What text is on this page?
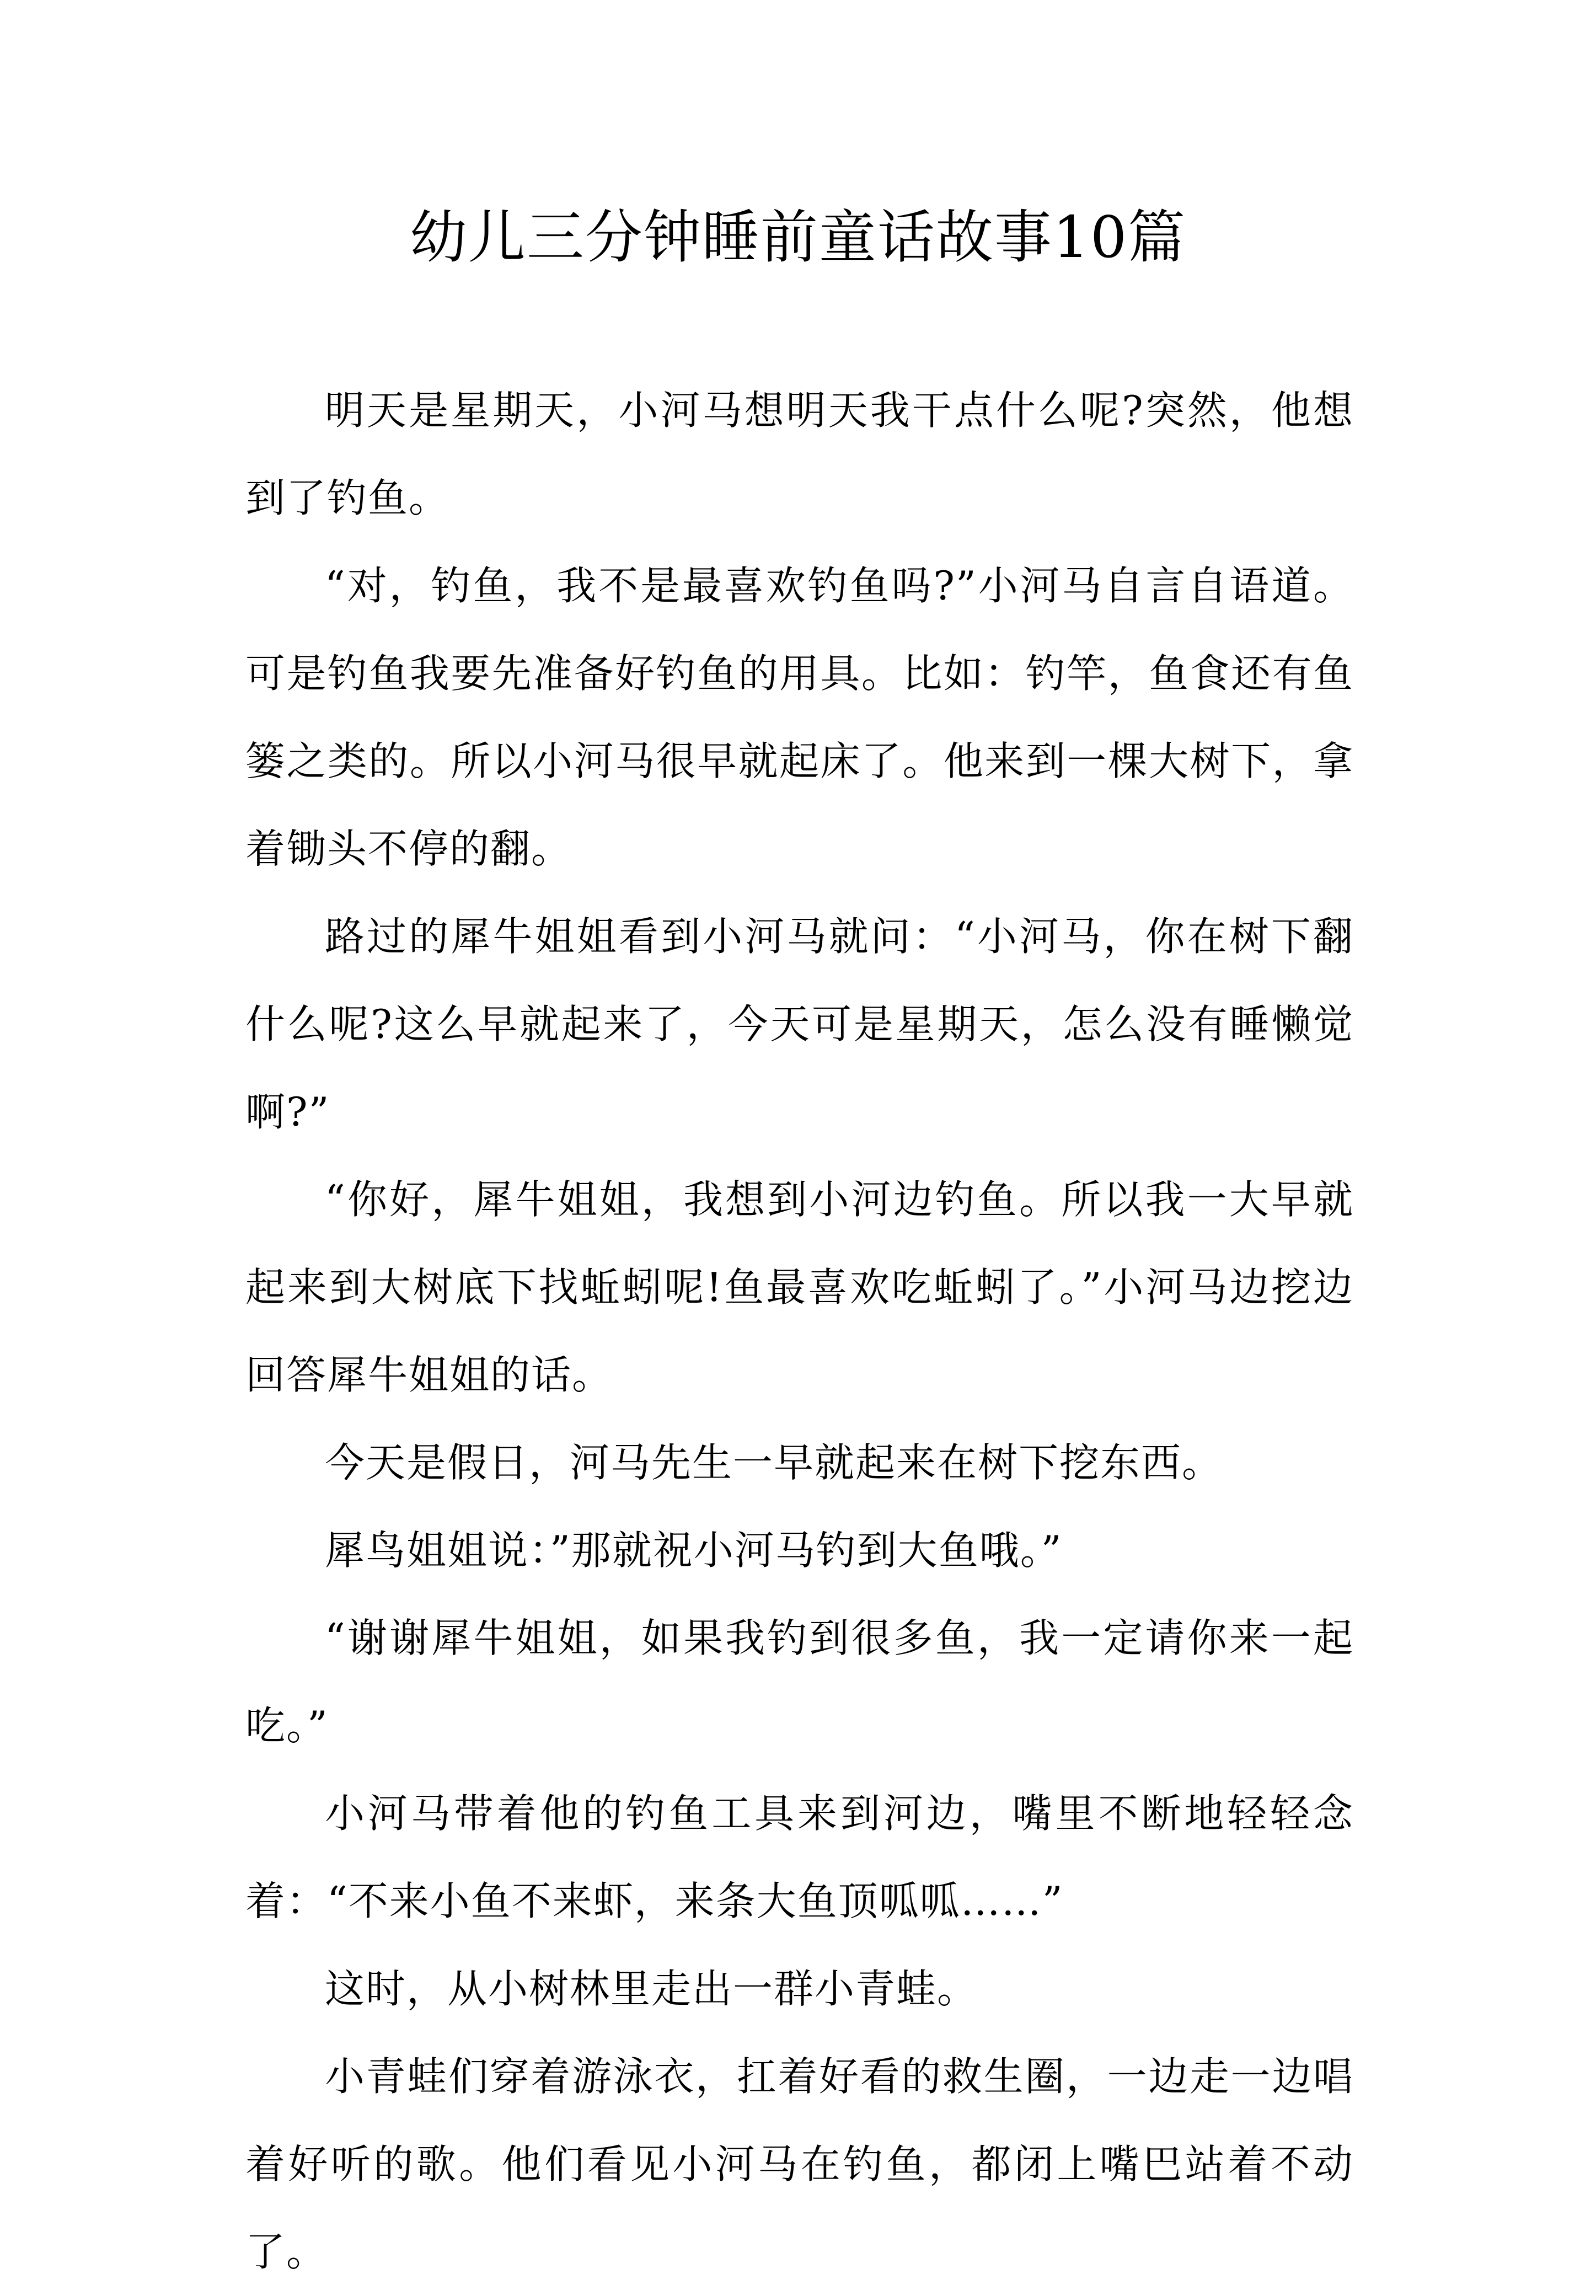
幼儿三分钟睡前童话故事10篇

明天是星期天，小河马想明天我干点什么呢?突然，他想到了钓鱼。

“对，钓鱼，我不是最喜欢钓鱼吗?”小河马自言自语道。可是钓鱼我要先准备好钓鱼的用具。比如：钓竿，鱼食还有鱼篓之类的。所以小河马很早就起床了。他来到一棵大树下，拿着锄头不停的翻。

路过的犀牛姐姐看到小河马就问：“小河马，你在树下翻什么呢?这么早就起来了，今天可是星期天，怎么没有睡懒觉啊?”

“你好，犀牛姐姐，我想到小河边钓鱼。所以我一大早就起来到大树底下找蚯蚓呢!鱼最喜欢吃蚯蚓了。”小河马边挖边回答犀牛姐姐的话。

今天是假日，河马先生一早就起来在树下挖东西。

犀鸟姐姐说：”那就祝小河马钓到大鱼哦。”

“谢谢犀牛姐姐，如果我钓到很多鱼，我一定请你来一起吃。”

小河马带着他的钓鱼工具来到河边，嘴里不断地轻轻念着：“不来小鱼不来虾，来条大鱼顶呱呱……”

这时，从小树林里走出一群小青蛙。

小青蛙们穿着游泳衣，扛着好看的救生圈，一边走一边唱着好听的歌。他们看见小河马在钓鱼，都闭上嘴巴站着不动了。
